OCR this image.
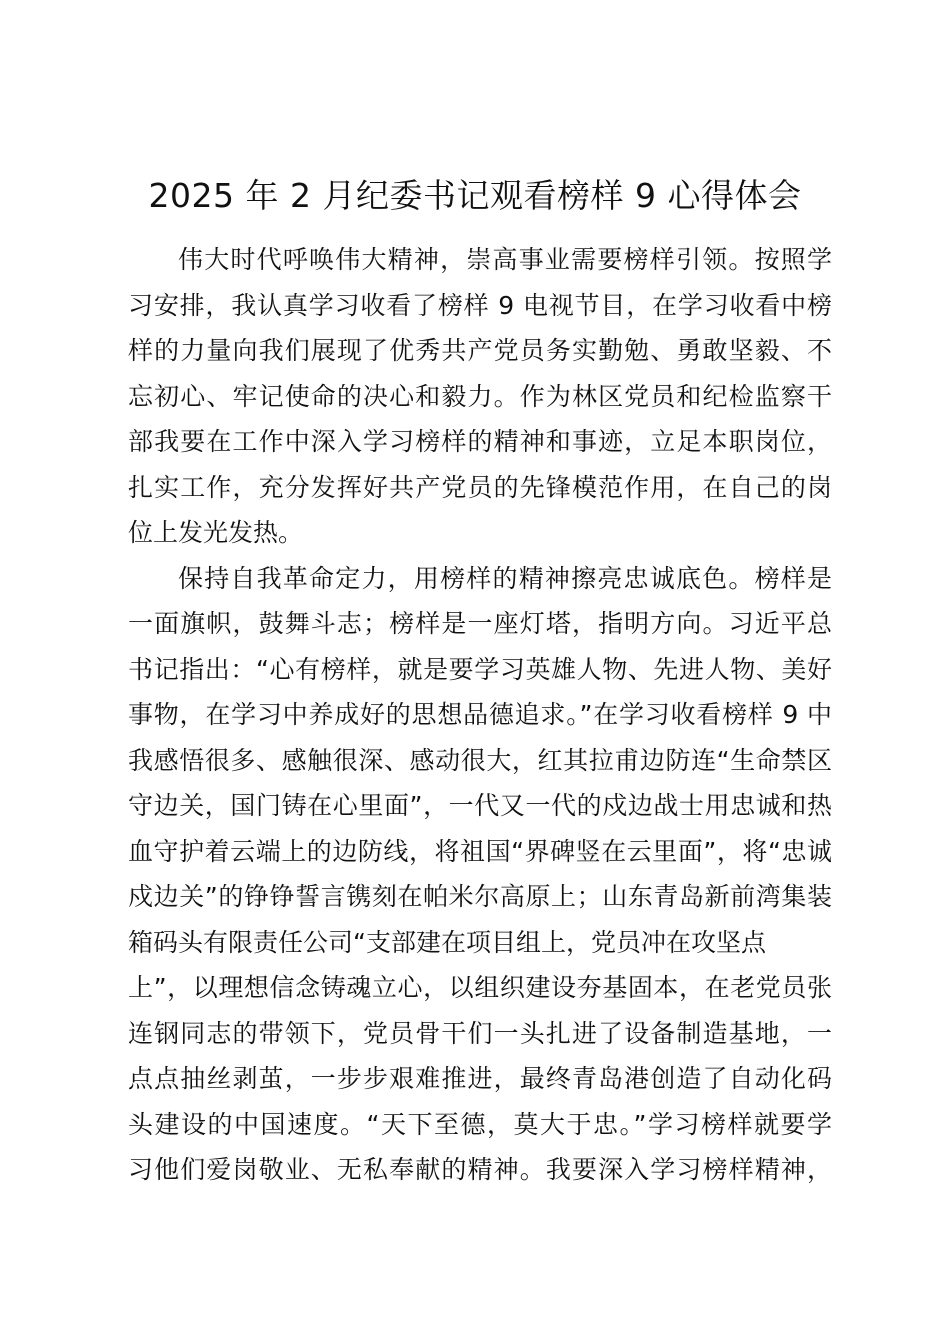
2025 年 2 月纪委书记观看榜样 9 心得体会
伟大时代呼唤伟大精神，崇高事业需要榜样引领。按照学
习安排，我认真学习收看了榜样 9 电视节目，在学习收看中榜
样的力量向我们展现了优秀共产党员务实勤勉、勇敢坚毅、不
忘初心、牢记使命的决心和毅力。作为林区党员和纪检监察干
部我要在工作中深入学习榜样的精神和事迹，立足本职岗位，
扎实工作，充分发挥好共产党员的先锋模范作用，在自己的岗
位上发光发热。
保持自我革命定力，用榜样的精神擦亮忠诚底色。榜样是
一面旗帜，鼓舞斗志；榜样是一座灯塔，指明方向。习近平总
书记指出：“心有榜样，就是要学习英雄人物、先进人物、美好
事物，在学习中养成好的思想品德追求。”在学习收看榜样 9 中
我感悟很多、感触很深、感动很大，红其拉甫边防连“生命禁区
守边关，国门铸在心里面”，一代又一代的戍边战士用忠诚和热
血守护着云端上的边防线，将祖国“界碑竖在云里面”，将“忠诚
戍边关”的铮铮誓言镌刻在帕米尔高原上；山东青岛新前湾集装
箱码头有限责任公司“支部建在项目组上，党员冲在攻坚点
上”，以理想信念铸魂立心，以组织建设夯基固本，在老党员张
连钢同志的带领下，党员骨干们一头扎进了设备制造基地，一
点点抽丝剥茧，一步步艰难推进，最终青岛港创造了自动化码
头建设的中国速度。“天下至德，莫大于忠。”学习榜样就要学
习他们爱岗敬业、无私奉献的精神。我要深入学习榜样精神，
